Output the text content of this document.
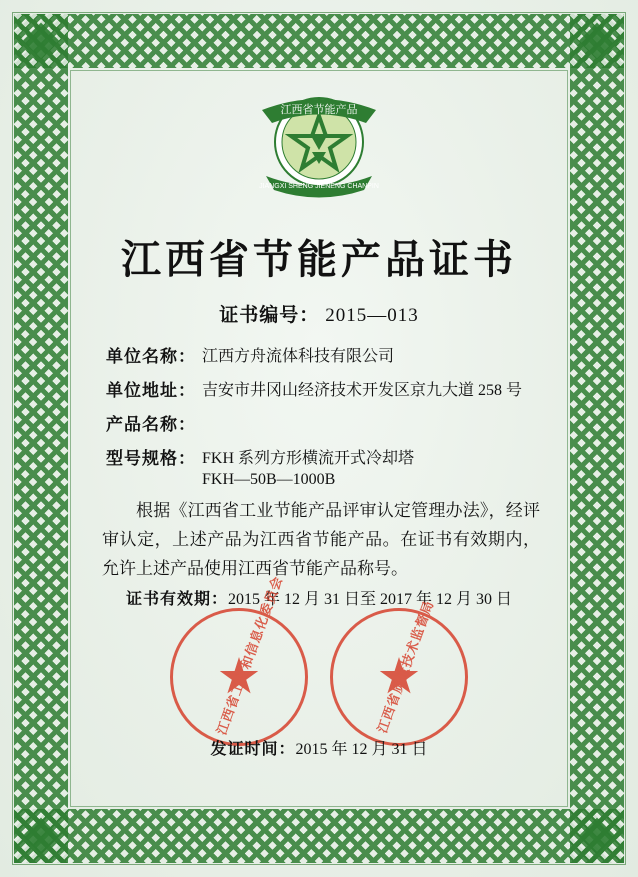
江西省节能产品
JIANGXI SHENG JIENENG CHANPIN
江西省节能产品证书
证书编号： 2015—013
单位名称： 江西方舟流体科技有限公司
单位地址： 吉安市井冈山经济技术开发区京九大道 258 号
产品名称：
型号规格： FKH 系列方形横流开式冷却塔
FKH—50B—1000B
根据《江西省工业节能产品评审认定管理办法》，经评审认定，上述产品为江西省节能产品。在证书有效期内，允许上述产品使用江西省节能产品称号。
证书有效期：2015 年 12 月 31 日至 2017 年 12 月 30 日
江西省工业和信息化委员会	江西省质量技术监督局
发证时间：2015 年 12 月 31 日
